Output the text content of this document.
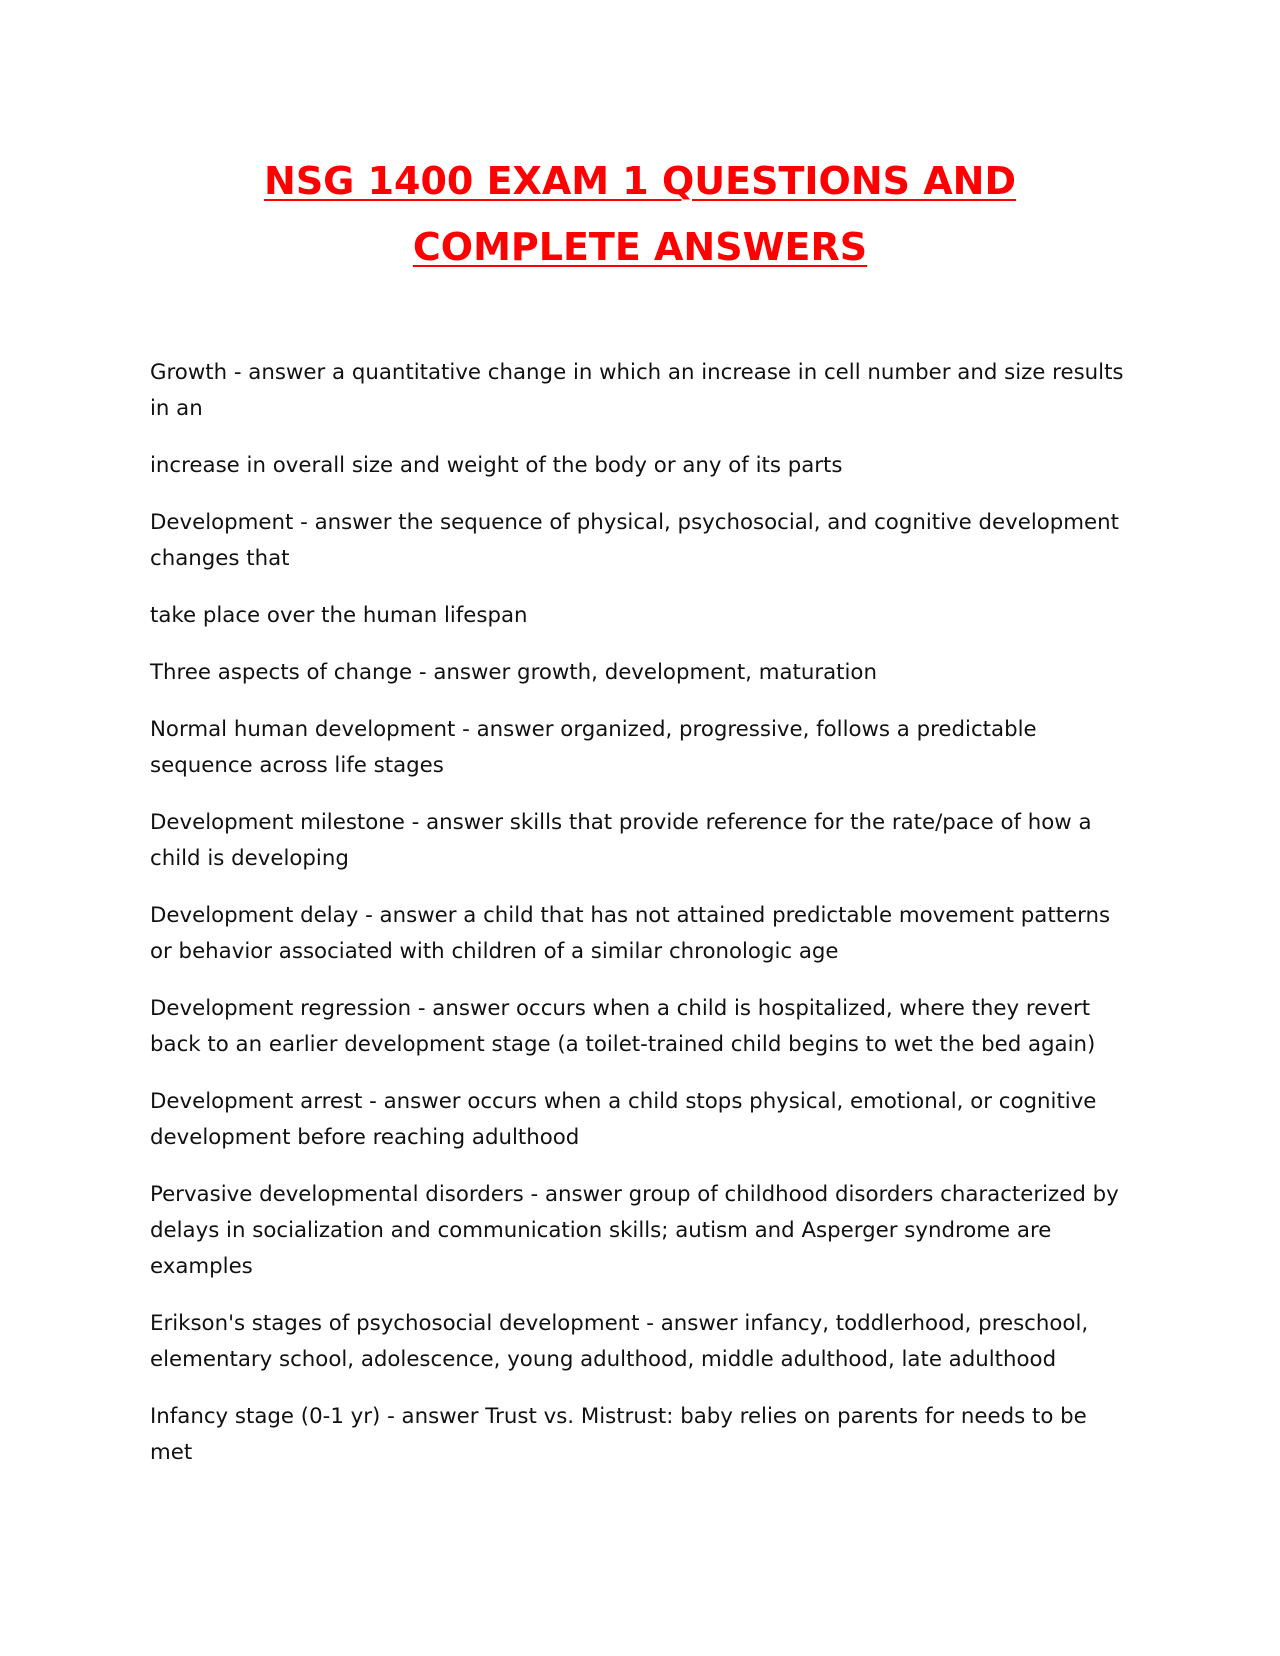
NSG 1400 EXAM 1 QUESTIONS AND COMPLETE ANSWERS

Growth - answer a quantitative change in which an increase in cell number and size results in an

increase in overall size and weight of the body or any of its parts

Development - answer the sequence of physical, psychosocial, and cognitive development changes that

take place over the human lifespan

Three aspects of change - answer growth, development, maturation

Normal human development - answer organized, progressive, follows a predictable sequence across life stages

Development milestone - answer skills that provide reference for the rate/pace of how a child is developing

Development delay - answer a child that has not attained predictable movement patterns or behavior associated with children of a similar chronologic age

Development regression - answer occurs when a child is hospitalized, where they revert back to an earlier development stage (a toilet-trained child begins to wet the bed again)

Development arrest - answer occurs when a child stops physical, emotional, or cognitive development before reaching adulthood

Pervasive developmental disorders - answer group of childhood disorders characterized by delays in socialization and communication skills; autism and Asperger syndrome are examples

Erikson's stages of psychosocial development - answer infancy, toddlerhood, preschool, elementary school, adolescence, young adulthood, middle adulthood, late adulthood

Infancy stage (0-1 yr) - answer Trust vs. Mistrust: baby relies on parents for needs to be met
